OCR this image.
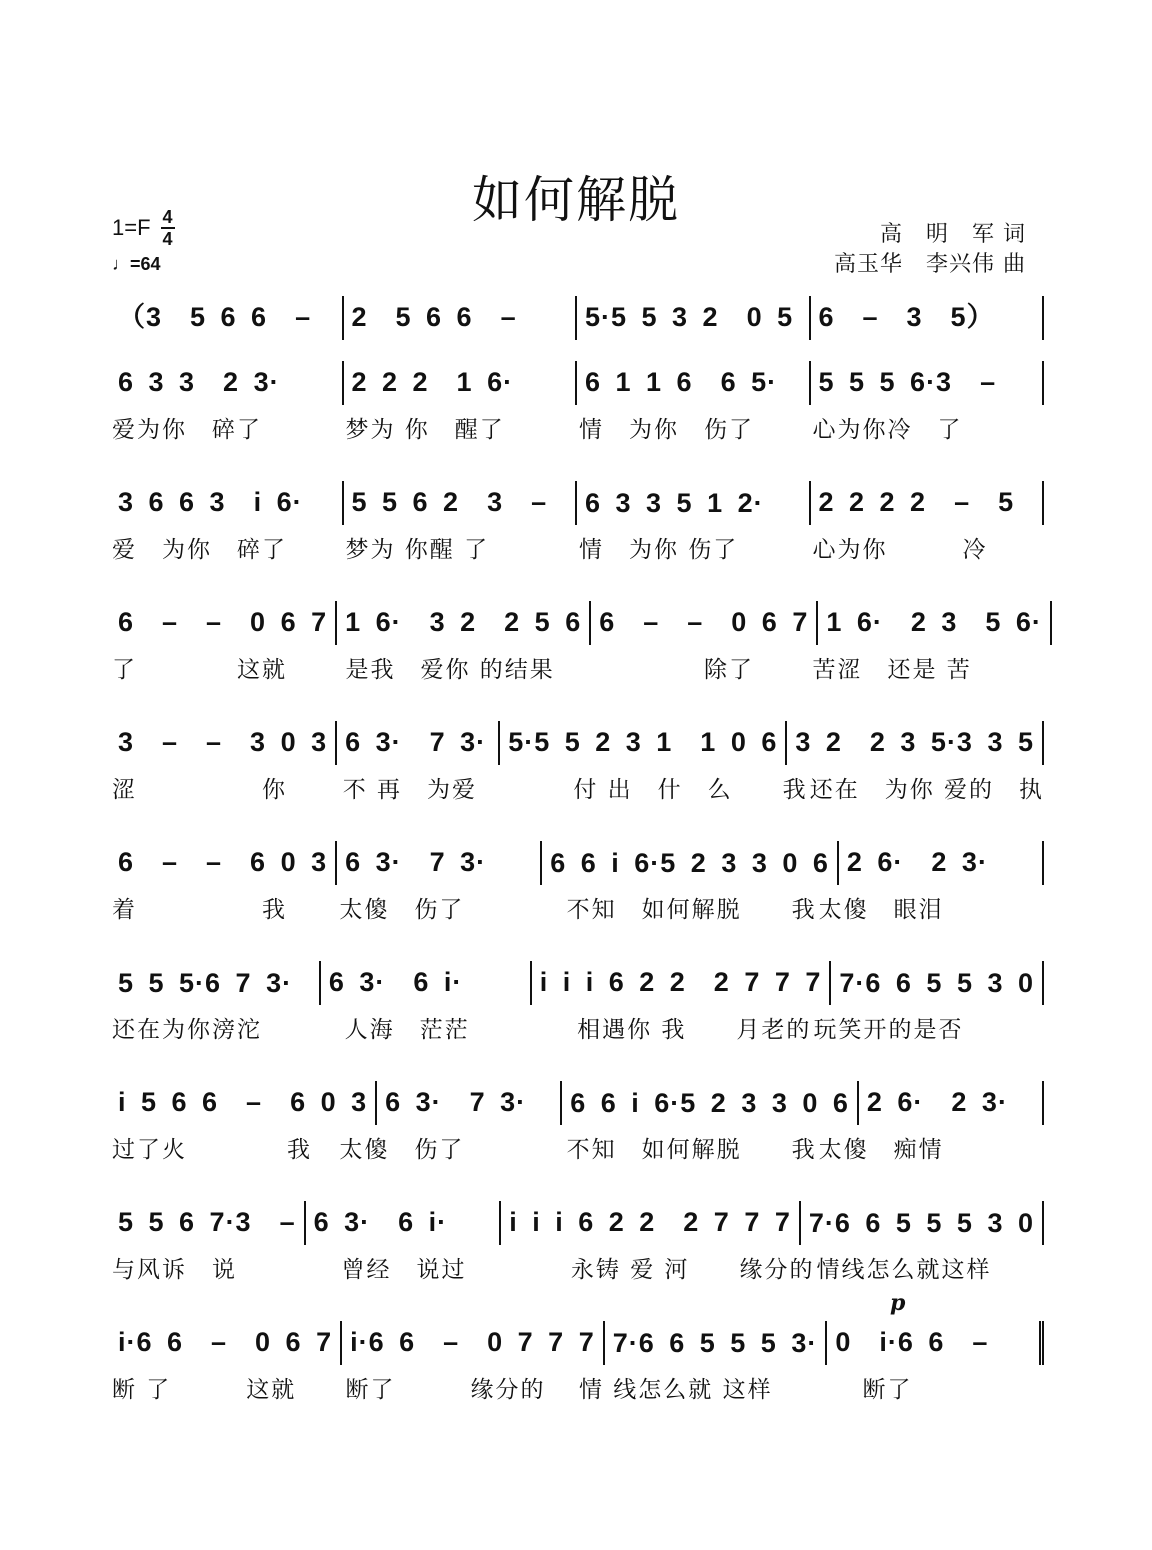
如何解脱
1=F 4
4
♩=64
高　明　军 词
高玉华　李兴伟 曲
（3　5 6 6　–	2　5 6 6　–	5·5 5 3 2　0 5 6　–　3　5）
6 3 3　2 3·	2 2 2　1 6·	6 1 1 6　6 5·	5 5 5 6·3　–
爱为你　碎了	梦为 你　醒了	情　为你　伤了	心为你冷　了
3 6 6 3　i 6·	5 5 6 2　3　–	6 3 3 5 1 2·	2 2 2 2　–　5
爱　为你　碎了	梦为 你醒 了	情　为你 伤了	心为你　　　冷
6　–　–　0 6 7 1 6·　3 2　2 5 6 6　–　–　0 6 7 1 6·　2 3　5 6·
了　　　　这就	是我　爱你 的结果	　　　　　除了	苦涩　还是 苦
3　–　–　3 0 3 6 3·　7 3· 5·5 5 2 3 1　1 0 6 3 2　2 3 5·3 3 5
涩　　　　　你	不 再　为爱	付 出　什　么　　我 还在　为你 爱的　执
6　–　–　6 0 3 6 3·　7 3·	6 6 i 6·5 2 3 3 0 6 2 6·　2 3·
着　　　　　我	太傻　伤了	不知　如何解脱　　我 太傻　眼泪
5 5 5·6 7 3·	6 3·　6 i·	i i i 6 2 2　2 7 7 7 7·6 6 5 5 3 0
还在为你滂沱	人海　茫茫	相遇你 我　　月老的 玩笑开的是否
i 5 6 6　–　6 0 3 6 3·　7 3·	6 6 i 6·5 2 3 3 0 6 2 6·　2 3·
过了火　　　　我	太傻　伤了	不知　如何解脱　　我 太傻　痴情
5 5 6 7·3　– 6 3·　6 i·	i i i 6 2 2　2 7 7 7 7·6 6 5 5 5 3 0
与风诉　说	曾经　说过	永铸 爱 河　　缘分的 情线怎么就这样
i·6 6　–　0 6 7 i·6 6　–　0 7 7 7 7·6 6 5 5 5 3· 0　i·6 6　–
断 了　　　这就	断了　　　缘分的	情 线怎么就 这样	　　断了
p
